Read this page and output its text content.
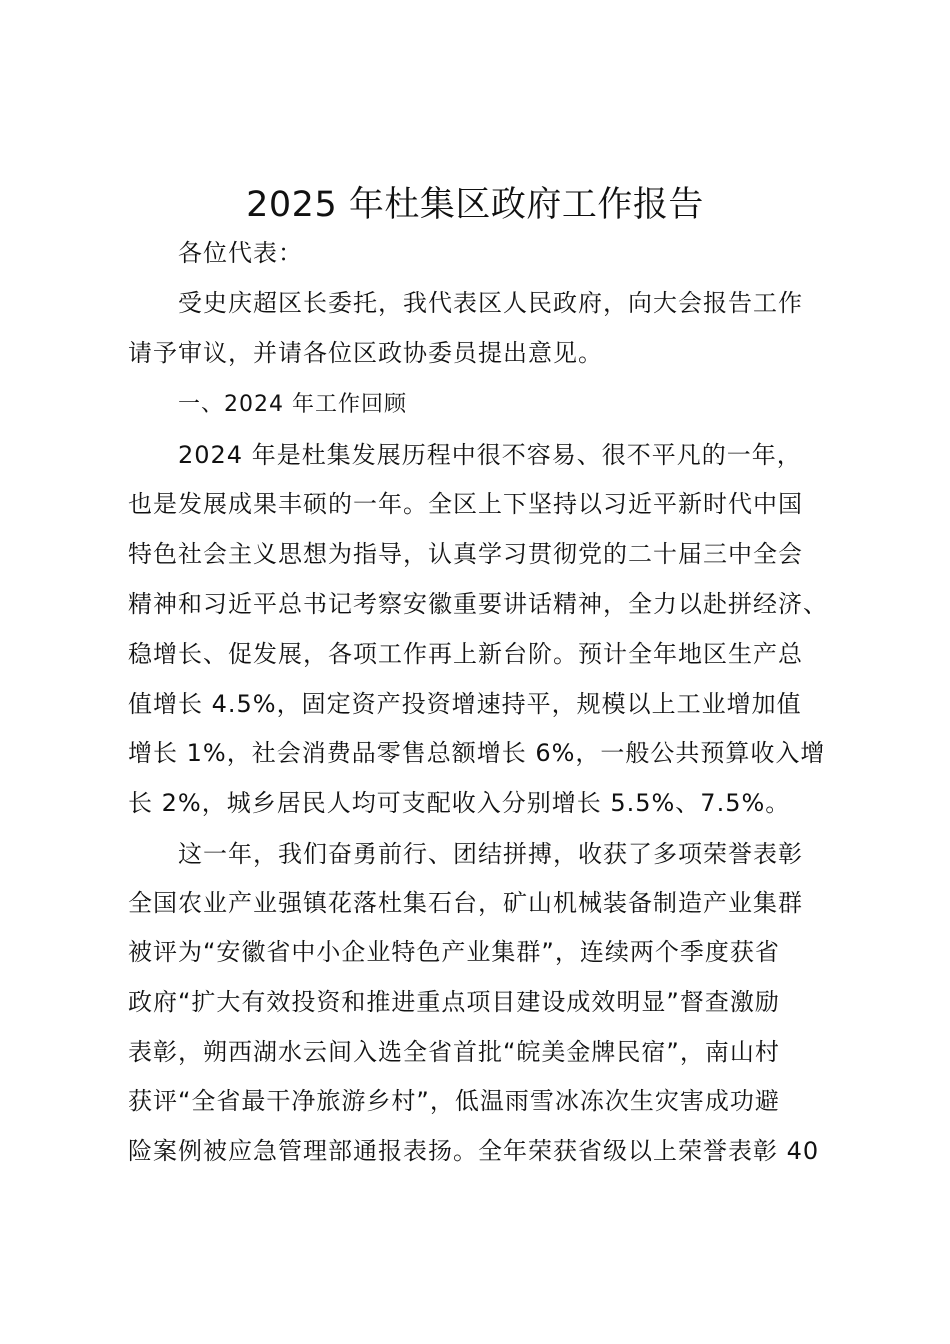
2025 年杜集区政府工作报告
各位代表：
受史庆超区长委托，我代表区人民政府，向大会报告工作
请予审议，并请各位区政协委员提出意见。
一、2024 年工作回顾
2024 年是杜集发展历程中很不容易、很不平凡的一年，
也是发展成果丰硕的一年。全区上下坚持以习近平新时代中国
特色社会主义思想为指导，认真学习贯彻党的二十届三中全会
精神和习近平总书记考察安徽重要讲话精神，全力以赴拼经济、
稳增长、促发展，各项工作再上新台阶。预计全年地区生产总
值增长 4.5%，固定资产投资增速持平，规模以上工业增加值
增长 1%，社会消费品零售总额增长 6%，一般公共预算收入增
长 2%，城乡居民人均可支配收入分别增长 5.5%、7.5%。
这一年，我们奋勇前行、团结拼搏，收获了多项荣誉表彰
全国农业产业强镇花落杜集石台，矿山机械装备制造产业集群
被评为“安徽省中小企业特色产业集群”，连续两个季度获省
政府“扩大有效投资和推进重点项目建设成效明显”督查激励
表彰，朔西湖水云间入选全省首批“皖美金牌民宿”，南山村
获评“全省最干净旅游乡村”，低温雨雪冰冻次生灾害成功避
险案例被应急管理部通报表扬。全年荣获省级以上荣誉表彰 40
